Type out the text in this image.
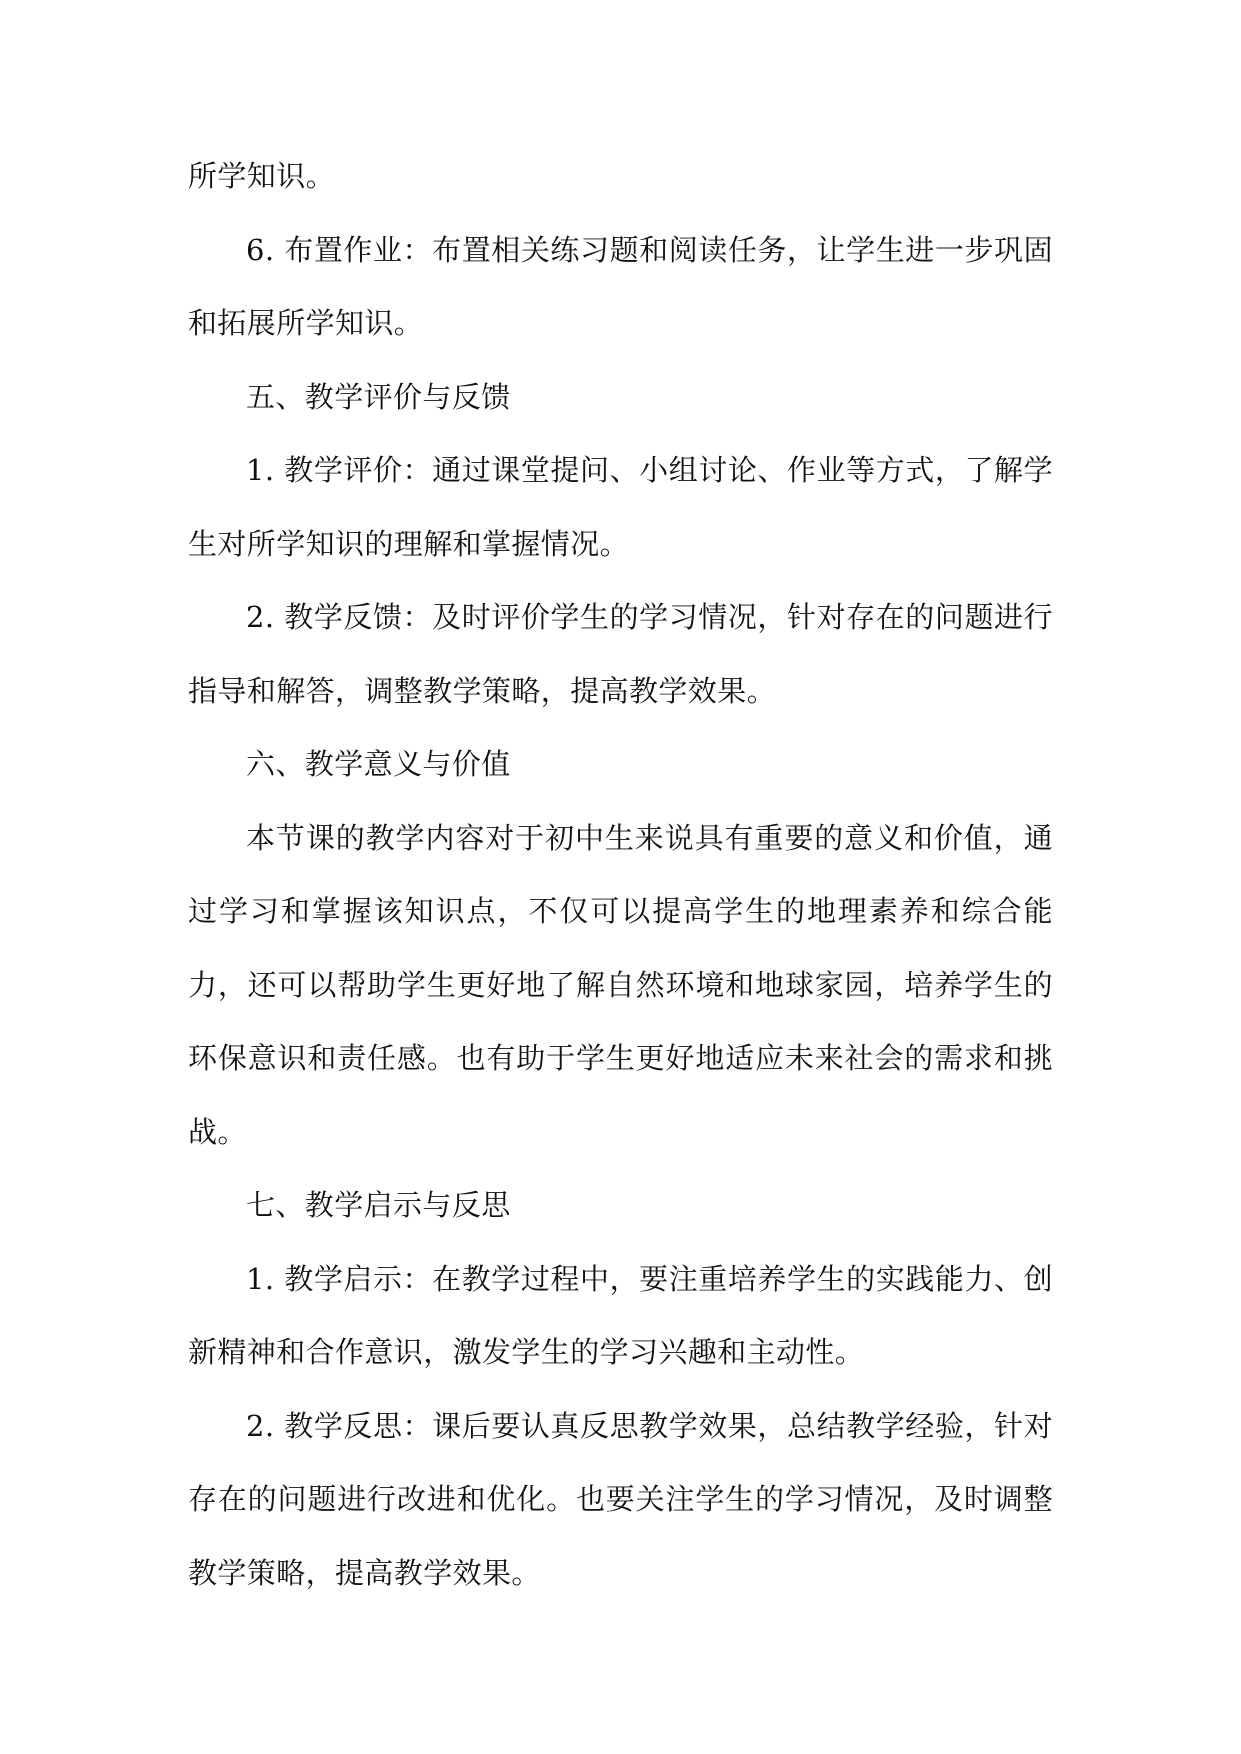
所学知识。

6. 布置作业：布置相关练习题和阅读任务，让学生进一步巩固和拓展所学知识。

五、教学评价与反馈

1. 教学评价：通过课堂提问、小组讨论、作业等方式，了解学生对所学知识的理解和掌握情况。

2. 教学反馈：及时评价学生的学习情况，针对存在的问题进行指导和解答，调整教学策略，提高教学效果。

六、教学意义与价值

本节课的教学内容对于初中生来说具有重要的意义和价值，通过学习和掌握该知识点，不仅可以提高学生的地理素养和综合能力，还可以帮助学生更好地了解自然环境和地球家园，培养学生的环保意识和责任感。也有助于学生更好地适应未来社会的需求和挑战。

七、教学启示与反思

1. 教学启示：在教学过程中，要注重培养学生的实践能力、创新精神和合作意识，激发学生的学习兴趣和主动性。

2. 教学反思：课后要认真反思教学效果，总结教学经验，针对存在的问题进行改进和优化。也要关注学生的学习情况，及时调整教学策略，提高教学效果。
